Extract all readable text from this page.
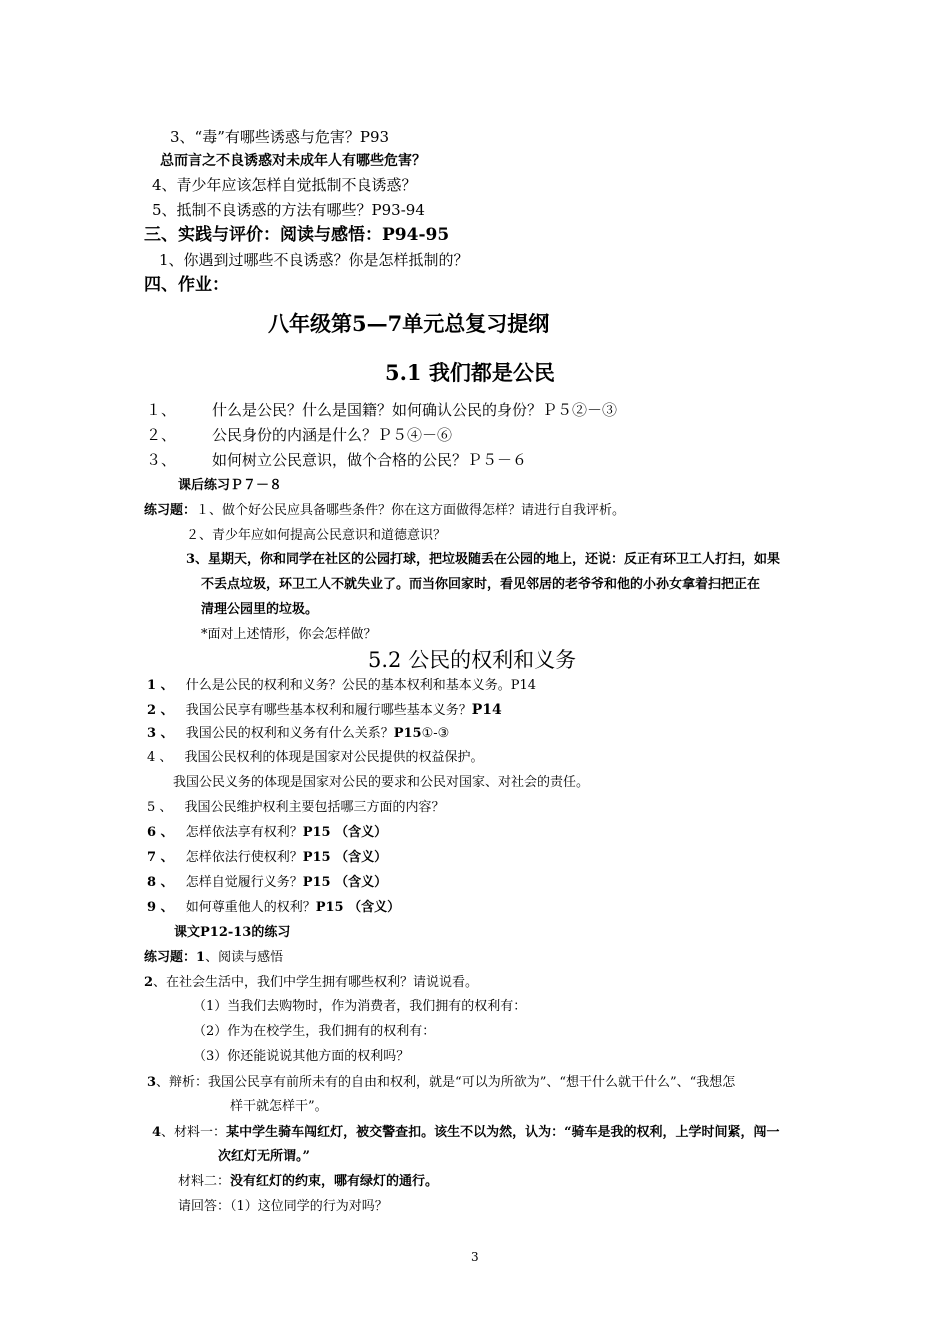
3、“毒”有哪些诱惑与危害？P93
总而言之不良诱惑对未成年人有哪些危害？
4、青少年应该怎样自觉抵制不良诱惑？
5、抵制不良诱惑的方法有哪些？P93-94
三、实践与评价：阅读与感悟：P94-95
1、你遇到过哪些不良诱惑？你是怎样抵制的？
四、作业：
八年级第5—7单元总复习提纲
5.1 我们都是公民
１、 什么是公民？什么是国籍？如何确认公民的身份？Ｐ５②－③
２、 公民身份的内涵是什么？Ｐ５④－⑥
３、 如何树立公民意识，做个合格的公民？Ｐ５－６
课后练习Ｐ７－８
练习题：１、做个好公民应具备哪些条件？你在这方面做得怎样？请进行自我评析。
２、青少年应如何提高公民意识和道德意识？
3、星期天，你和同学在社区的公园打球，把垃圾随丢在公园的地上，还说：反正有环卫工人打扫，如果
不丢点垃圾，环卫工人不就失业了。而当你回家时，看见邻居的老爷爷和他的小孙女拿着扫把正在
清理公园里的垃圾。
*面对上述情形，你会怎样做？
5.2 公民的权利和义务
1 、 什么是公民的权利和义务？公民的基本权利和基本义务。P14
2 、 我国公民享有哪些基本权利和履行哪些基本义务？P14
3 、 我国公民的权利和义务有什么关系？P15①-③
4 、 我国公民权利的体现是国家对公民提供的权益保护。
我国公民义务的体现是国家对公民的要求和公民对国家、对社会的责任。
5 、 我国公民维护权利主要包括哪三方面的内容？
6 、 怎样依法享有权利？P15 （含义）
7 、 怎样依法行使权利？P15 （含义）
8 、 怎样自觉履行义务？P15 （含义）
9 、 如何尊重他人的权利？P15 （含义）
课文P12-13的练习
练习题：1、阅读与感悟
2、在社会生活中，我们中学生拥有哪些权利？请说说看。
（1）当我们去购物时，作为消费者，我们拥有的权利有：
（2）作为在校学生，我们拥有的权利有：
（3）你还能说说其他方面的权利吗？
3、辩析：我国公民享有前所未有的自由和权利，就是“可以为所欲为”、“想干什么就干什么”、“我想怎
样干就怎样干”。
4、材料一：某中学生骑车闯红灯，被交警查扣。该生不以为然，认为：“骑车是我的权利，上学时间紧，闯一
次红灯无所谓。”
材料二：没有红灯的约束，哪有绿灯的通行。
请回答：（1）这位同学的行为对吗？
3
